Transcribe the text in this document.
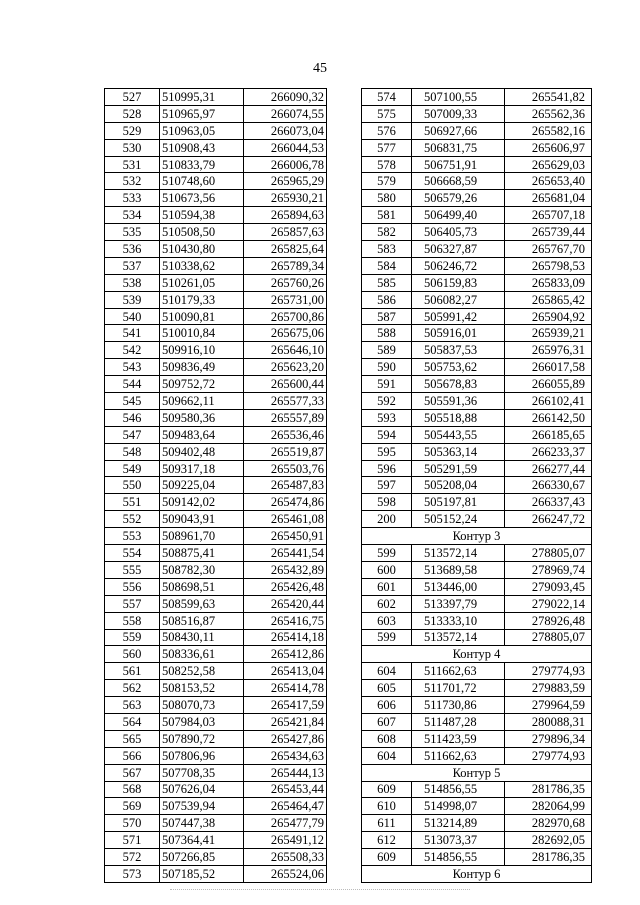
45
527	510995,31	266090,32
528	510965,97	266074,55
529	510963,05	266073,04
530	510908,43	266044,53
531	510833,79	266006,78
532	510748,60	265965,29
533	510673,56	265930,21
534	510594,38	265894,63
535	510508,50	265857,63
536	510430,80	265825,64
537	510338,62	265789,34
538	510261,05	265760,26
539	510179,33	265731,00
540	510090,81	265700,86
541	510010,84	265675,06
542	509916,10	265646,10
543	509836,49	265623,20
544	509752,72	265600,44
545	509662,11	265577,33
546	509580,36	265557,89
547	509483,64	265536,46
548	509402,48	265519,87
549	509317,18	265503,76
550	509225,04	265487,83
551	509142,02	265474,86
552	509043,91	265461,08
553	508961,70	265450,91
554	508875,41	265441,54
555	508782,30	265432,89
556	508698,51	265426,48
557	508599,63	265420,44
558	508516,87	265416,75
559	508430,11	265414,18
560	508336,61	265412,86
561	508252,58	265413,04
562	508153,52	265414,78
563	508070,73	265417,59
564	507984,03	265421,84
565	507890,72	265427,86
566	507806,96	265434,63
567	507708,35	265444,13
568	507626,04	265453,44
569	507539,94	265464,47
570	507447,38	265477,79
571	507364,41	265491,12
572	507266,85	265508,33
573	507185,52	265524,06
574	507100,55	265541,82
575	507009,33	265562,36
576	506927,66	265582,16
577	506831,75	265606,97
578	506751,91	265629,03
579	506668,59	265653,40
580	506579,26	265681,04
581	506499,40	265707,18
582	506405,73	265739,44
583	506327,87	265767,70
584	506246,72	265798,53
585	506159,83	265833,09
586	506082,27	265865,42
587	505991,42	265904,92
588	505916,01	265939,21
589	505837,53	265976,31
590	505753,62	266017,58
591	505678,83	266055,89
592	505591,36	266102,41
593	505518,88	266142,50
594	505443,55	266185,65
595	505363,14	266233,37
596	505291,59	266277,44
597	505208,04	266330,67
598	505197,81	266337,43
200	505152,24	266247,72
Контур 3		
599	513572,14	278805,07
600	513689,58	278969,74
601	513446,00	279093,45
602	513397,79	279022,14
603	513333,10	278926,48
599	513572,14	278805,07
Контур 4		
604	511662,63	279774,93
605	511701,72	279883,59
606	511730,86	279964,59
607	511487,28	280088,31
608	511423,59	279896,34
604	511662,63	279774,93
Контур 5		
609	514856,55	281786,35
610	514998,07	282064,99
611	513214,89	282970,68
612	513073,37	282692,05
609	514856,55	281786,35
Контур 6		
